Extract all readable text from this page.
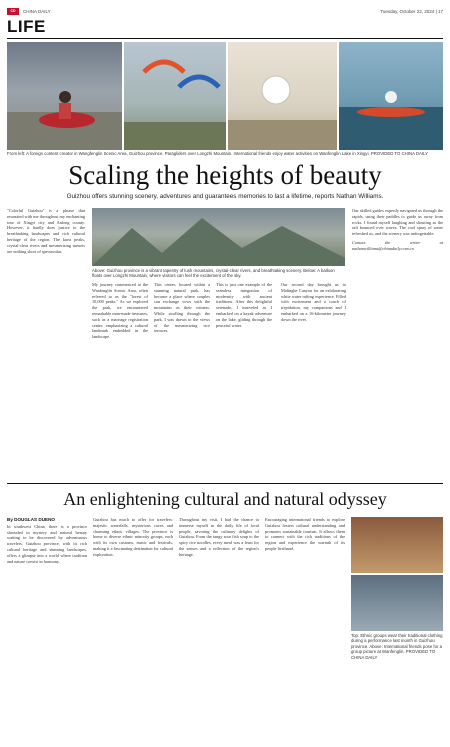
CD	CHINA DAILY	Tuesday, October 22, 2024 | 17
LIFE
From left: A foreign content creator in Wangfenglin Scenic Area, Guizhou province. Paragliders over Longzhi Mountain. International friends enjoy water activities on Wanfenglin Lake in Xingyi. PROVIDED TO CHINA DAILY
Scaling the heights of beauty
Guizhou offers stunning scenery, adventures and guarantees memories to last a lifetime, reports Nathan Williams.

"Colorful Guizhou" is a phrase that resonated with me throughout my enchanting tour of Xingyi city and Anlong county. However, it hardly does justice to the breathtaking landscapes and rich cultural heritage of the region. The karst peaks, crystal-clear rivers and mesmerizing sunsets are nothing short of spectacular.

Above: Guizhou province is a vibrant tapestry of lush mountains, crystal-clear rivers, and breathtaking scenery. Below: A balloon floats over Longzhi Mountain, where visitors can feel the excitement of the sky.

My journey commenced at the Wanfenglin Scenic Area, often referred to as the "forest of 10,000 peaks." As we explored the park, we encountered remarkable man-made treasures, such as a marriage registration center, emphasizing a cultural landmark embedded in the landscape.

This center, located within a stunning natural park, has become a place where couples can exchange vows with the mountains as their witness. While strolling through the park, I was drawn to the views of the mesmerizing rice terraces.

This is just one example of the seamless integration of modernity with ancient traditions. After this delightful serenade, I marveled as I embarked on a kayak adventure on the lake, gliding through the peaceful water.

Our second day brought us to Malinghe Canyon for an exhilarating white water rafting experience. Filled with excitement and a touch of trepidation, my companions and I embarked on a 16-kilometer journey down the river.

Our skilled guides expertly navigated us through the rapids, using their paddles to guide us away from rocks. I found myself laughing and shouting as the raft bounced over waves. The cool spray of water refreshed us, and the scenery was unforgettable.

Contact the writer at nathanwilliams@chinadaily.com.cn

An enlightening cultural and natural odyssey
By DOUGLAS DUENO

In southwest China, there is a province shrouded in mystery and natural beauty waiting to be discovered by adventurous travelers. Guizhou province, with its rich cultural heritage and stunning landscapes, offers a glimpse into a world where tradition and nature coexist in harmony.

Guizhou has much to offer for travelers: majestic waterfalls, mysterious caves and charming ethnic villages. The province is home to diverse ethnic minority groups, each with its own customs, music and festivals, making it a fascinating destination for cultural exploration.

Throughout my visit, I had the chance to immerse myself in the daily life of local people, savoring the culinary delights of Guizhou. From the tangy sour fish soup to the spicy rice noodles, every meal was a feast for the senses and a reflection of the region's heritage.

Encouraging international friends to explore Guizhou fosters cultural understanding and promotes sustainable tourism. It allows them to connect with the rich traditions of the region and experience the warmth of its people firsthand.

Top: Ethnic groups wear their traditional clothing during a performance last month in Guizhou province. Above: International friends pose for a group picture at Wanfenglin. PROVIDED TO CHINA DAILY
